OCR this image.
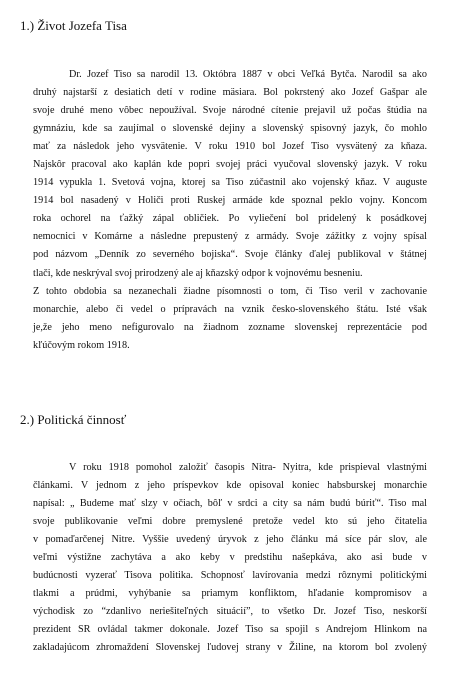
1.) Život Jozefa Tisa
Dr. Jozef Tiso sa narodil 13. Októbra 1887 v obci Veľká Bytča. Narodil sa ako
druhý najstarší z desiatich detí v rodine mäsiara. Bol pokrstený ako Jozef Gašpar ale
svoje druhé meno vôbec nepoužíval. Svoje národné cítenie prejavil už počas štúdia na
gymnáziu, kde sa zaujímal o slovenské dejiny a slovenský spisovný jazyk, čo mohlo
mať za následok jeho vysvätenie. V roku 1910 bol Jozef Tiso vysvätený za kňaza.
Najskôr pracoval ako kaplán kde popri svojej práci vyučoval slovenský jazyk. V roku
1914 vypukla 1. Svetová vojna, ktorej sa Tiso zúčastnil ako vojenský kňaz. V auguste
1914 bol nasadený v Holiči proti Ruskej armáde kde spoznal peklo vojny. Koncom
roka ochorel na ťažký zápal obličiek. Po vyliečení bol pridelený k posádkovej
nemocnici v Komárne a následne prepustený z armády. Svoje zážitky z vojny spísal
pod názvom „Denník zo severného bojiska“. Svoje články ďalej publikoval v štátnej
tlači, kde neskrýval svoj prirodzený ale aj kňazský odpor k vojnovému besneniu.
Z tohto obdobia sa nezanechali žiadne písomnosti o tom, či Tiso veril v zachovanie
monarchie, alebo či vedel o prípravách na vznik česko-slovenského štátu. Isté však
je,že jeho meno nefigurovalo na žiadnom zozname slovenskej reprezentácie pod
kľúčovým rokom 1918.
2.) Politická činnosť
V roku 1918 pomohol založiť časopis Nitra- Nyitra, kde prispieval vlastnými
článkami. V jednom z jeho príspevkov kde opisoval koniec habsburskej monarchie
napísal: „ Budeme mať slzy v očiach, bôľ v srdci a city sa nám budú búriť“. Tiso mal
svoje publikovanie veľmi dobre premyslené pretože vedel kto sú jeho čitatelia
v pomaďarčenej Nitre. Vyššie uvedený úryvok z jeho článku má síce pár slov, ale
veľmi výstižne zachytáva a ako keby v predstihu našepkáva, ako asi bude v
budúcnosti vyzerať Tisova politika. Schopnosť lavírovania medzi rôznymi politickými
tlakmi a prúdmi, vyhýbanie sa priamym konfliktom, hľadanie kompromisov a
východisk zo “zdanlivo neriešiteľných situácií”, to všetko Dr. Jozef Tiso, neskorší
prezident SR ovládal takmer dokonale. Jozef Tiso sa spojil s Andrejom Hlinkom na
zakladajúcom zhromaždení Slovenskej ľudovej strany v Žiline, na ktorom bol zvolený
